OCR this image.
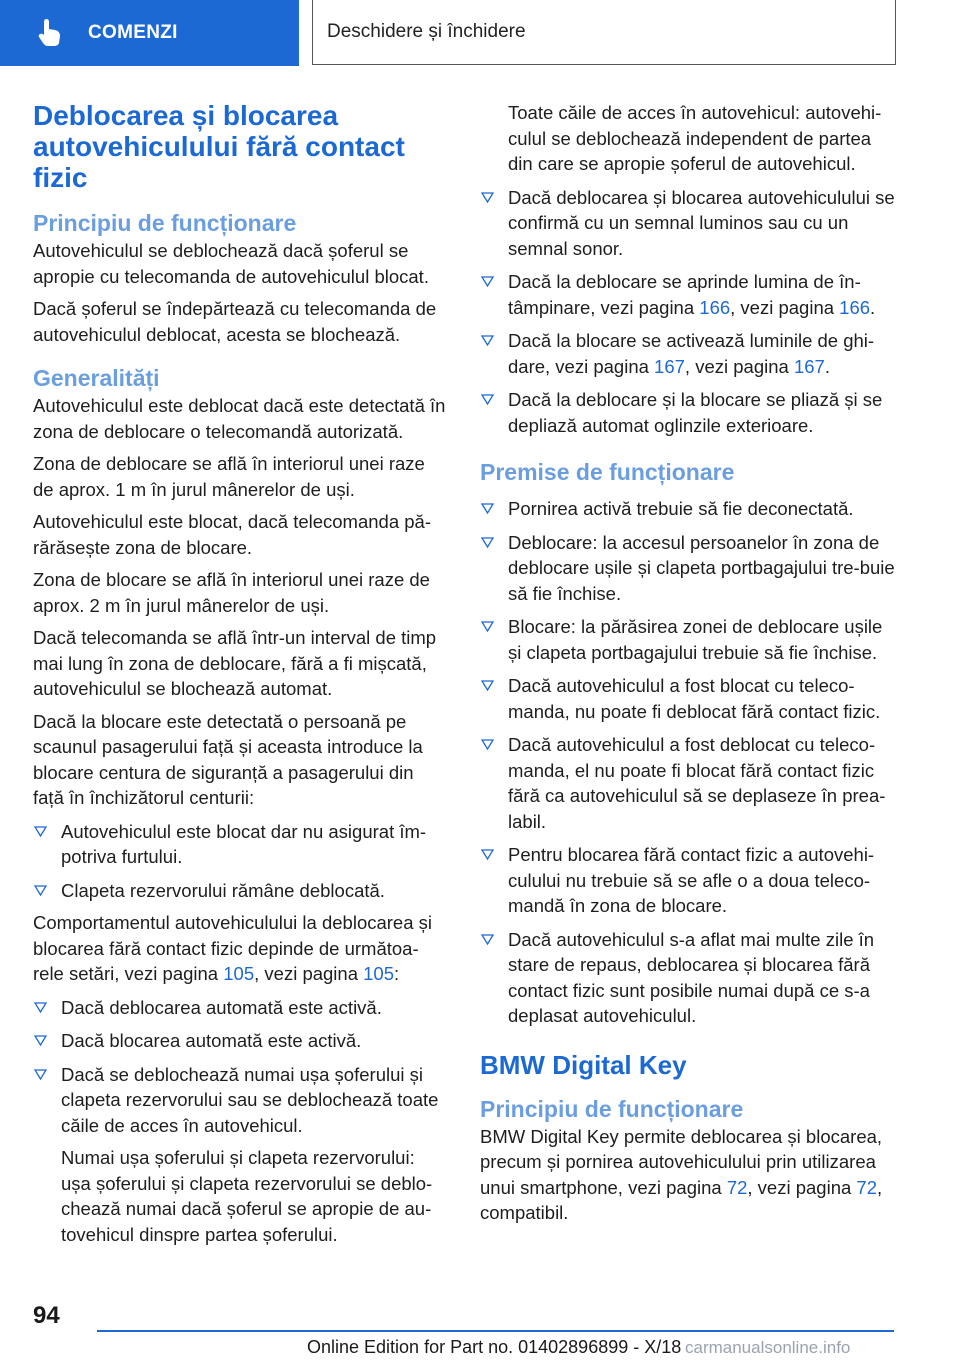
COMENZI	Deschidere și închidere
Deblocarea și blocarea autovehiculului fără contact fizic
Principiu de funcționare

Autovehiculul se deblochează dacă șoferul se apropie cu telecomanda de autovehiculul blocat.

Dacă șoferul se îndepărtează cu telecomanda de autovehiculul deblocat, acesta se blochează.

Generalități

Autovehiculul este deblocat dacă este detectată în zona de deblocare o telecomandă autorizată.

Zona de deblocare se află în interiorul unei raze de aprox. 1 m în jurul mânerelor de uși.

Autovehiculul este blocat, dacă telecomanda pă-rărăsește zona de blocare.

Zona de blocare se află în interiorul unei raze de aprox. 2 m în jurul mânerelor de uși.

Dacă telecomanda se află într-un interval de timp mai lung în zona de deblocare, fără a fi mișcată, autovehiculul se blochează automat.

Dacă la blocare este detectată o persoană pe scaunul pasagerului față și aceasta introduce la blocare centura de siguranță a pasagerului din față în închizătorul centurii:

Autovehiculul este blocat dar nu asigurat îm-potriva furtului.
Clapeta rezervorului rămâne deblocată.

Comportamentul autovehiculului la deblocarea și blocarea fără contact fizic depinde de următoa-rele setări, vezi pagina 105, vezi pagina 105:

Dacă deblocarea automată este activă.
Dacă blocarea automată este activă.
Dacă se deblochează numai ușa șoferului și clapeta rezervorului sau se deblochează toate căile de acces în autovehicul.

Numai ușa șoferului și clapeta rezervorului: ușa șoferului și clapeta rezervorului se deblo-chează numai dacă șoferul se apropie de au-tovehicul dinspre partea șoferului.

Toate căile de acces în autovehicul: autovehi-culul se deblochează independent de partea din care se apropie șoferul de autovehicul.

Dacă deblocarea și blocarea autovehiculului se confirmă cu un semnal luminos sau cu un semnal sonor.
Dacă la deblocare se aprinde lumina de în-tâmpinare, vezi pagina 166, vezi pagina 166.
Dacă la blocare se activează luminile de ghi-dare, vezi pagina 167, vezi pagina 167.
Dacă la deblocare și la blocare se pliază și se depliază automat oglinzile exterioare.
Premise de funcționare
Pornirea activă trebuie să fie deconectată.
Deblocare: la accesul persoanelor în zona de deblocare ușile și clapeta portbagajului tre-buie să fie închise.
Blocare: la părăsirea zonei de deblocare ușile și clapeta portbagajului trebuie să fie închise.
Dacă autovehiculul a fost blocat cu teleco-manda, nu poate fi deblocat fără contact fizic.
Dacă autovehiculul a fost deblocat cu teleco-manda, el nu poate fi blocat fără contact fizic fără ca autovehiculul să se deplaseze în prea-labil.
Pentru blocarea fără contact fizic a autovehi-culului nu trebuie să se afle o a doua teleco-mandă în zona de blocare.
Dacă autovehiculul s-a aflat mai multe zile în stare de repaus, deblocarea și blocarea fără contact fizic sunt posibile numai după ce s-a deplasat autovehiculul.
BMW Digital Key
Principiu de funcționare

BMW Digital Key permite deblocarea și blocarea, precum și pornirea autovehiculului prin utilizarea unui smartphone, vezi pagina 72, vezi pagina 72, compatibil.

94
Online Edition for Part no. 01402896899 - X/18 carmanualsonline.info
